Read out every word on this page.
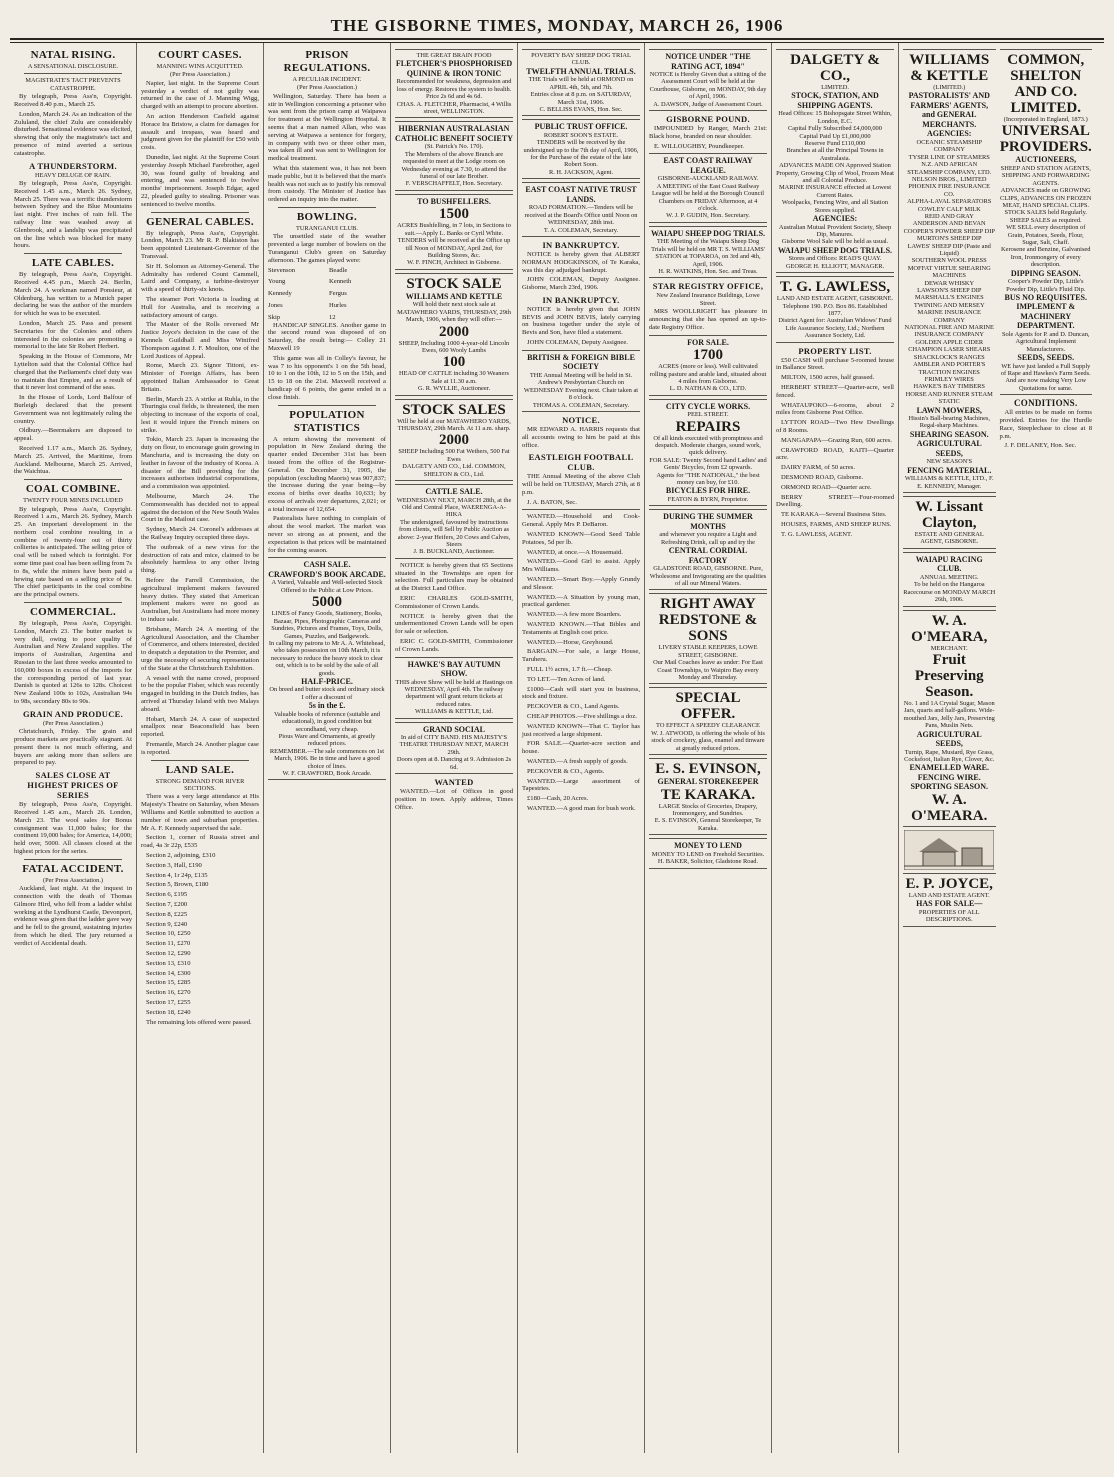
THE GISBORNE TIMES, MONDAY, MARCH 26, 1906
NATAL RISING.
A SENSATIONAL DISCLOSURE.
MAGISTRATE'S TACT PREVENTS CATASTROPHE.

By telegraph, Press Ass'n, Copyright. Received 8.40 p.m., March 25.

London, March 24. As an indication of the Zululand, the chief Zulu are considerably disturbed. Sensational evidence was elicited, showing that only the magistrate's tact and presence of mind averted a serious catastrophe.

A THUNDERSTORM.
HEAVY DELUGE OF RAIN.

By telegraph, Press Ass'n, Copyright. Received 1.45 a.m., March 26. Sydney, March 25. There was a terrific thunderstorm between Sydney and the Blue Mountains last night. Five inches of rain fell. The railway line was washed away at Glenbrook, and a landslip was precipitated on the line which was blocked for many hours.

LATE CABLES.

By telegraph, Press Ass'n, Copyright. Received 4.45 p.m., March 24. Berlin, March 24. A workman named Ponsieur, at Oldenburg, has written to a Munich paper declaring he was the author of the murders for which he was to be executed.

London, March 25. Pass and present Secretaries for the Colonies and others interested in the colonies are promoting a memorial to the late Sir Robert Herbert.

Speaking in the House of Commons, Mr Lyttelton said that the Colonial Office had charged that the Parliament's chief duty was to maintain that Empire, and as a result of that it never lost command of the seas.

In the House of Lords, Lord Balfour of Burleigh declared that the present Government was not legitimately ruling the country.

Oldbury.—Beermakers are disposed to appeal.

Received 1.17 a.m., March 26. Sydney, March 25. Arrived, the Maritime, from Auckland. Melbourne, March 25. Arrived, the Waichtua.

COAL COMBINE.
TWENTY FOUR MINES INCLUDED

By telegraph, Press Ass'n, Copyright. Received 1 a.m., March 26. Sydney, March 25. An important development in the northern coal combine resulting in a combine of twenty-four out of thirty collieries is anticipated. The selling price of coal will be raised which is fortnight. For some time past coal has been selling from 7s to 8s, while the miners have been paid a hewing rate based on a selling price of 9s. The chief participants in the coal combine are the principal owners.

COMMERCIAL.

By telegraph, Press Ass'n, Copyright. London, March 23. The butter market is very dull, owing to poor quality of Australian and New Zealand supplies. The imports of Australian, Argentina and Russian to the last three weeks amounted to 160,000 boxes in excess of the imports for the corresponding period of last year. Danish is quoted at 126s to 128s. Choicest New Zealand 100s to 102s, Australian 94s to 98s, secondary 80s to 90s.

GRAIN AND PRODUCE.
(Per Press Association.)

Christchurch, Friday. The grain and produce markets are practically stagnant. At present there is not much offering, and buyers are asking more than sellers are prepared to pay.

SALES CLOSE AT HIGHEST PRICES OF SERIES

By telegraph, Press Ass'n, Copyright. Received 1.45 a.m., March 26. London, March 23. The wool sales for Bonus consignment was 11,000 bales; for the continent 19,000 bales; for America, 14,000; held over, 5000. All classes closed at the highest prices for the series.

FATAL ACCIDENT.
(Per Press Association.)

Auckland, last night. At the inquest in connection with the death of Thomas Gilmore Hird, who fell from a ladder whilst working at the Lyndhurst Castle, Devonport, evidence was given that the ladder gave way and he fell to the ground, sustaining injuries from which he died. The jury returned a verdict of Accidental death.

COURT CASES.
MANNING WINS ACQUITTED.
(Per Press Association.)

Napier, last night. In the Supreme Court yesterday a verdict of not guilty was returned in the case of J. Manning Wigg, charged with an attempt to procure abortion.

An action Henderson Casfield against Horace Ira Bristow, a claim for damages for assault and trespass, was heard and judgment given for the plaintiff for £50 with costs.

Dunedin, last night. At the Supreme Court yesterday Joseph Michael Farebrother, aged 30, was found guilty of breaking and entering, and was sentenced to twelve months' imprisonment. Joseph Edgar, aged 22, pleaded guilty to stealing. Prisoner was sentenced to twelve months.

GENERAL CABLES.

By telegraph, Press Ass'n, Copyright. London, March 23. Mr R. P. Blakiston has been appointed Lieutenant-Governor of the Transvaal.

Sir H. Solomon as Attorney-General. The Admiralty has ordered Count Cammell, Laird and Company, a turbine-destroyer with a speed of thirty-six knots.

The steamer Port Victoria is loading at Hull for Australia, and is receiving a satisfactory amount of cargo.

The Master of the Rolls reversed Mr Justice Joyce's decision in the case of the Kennels Guildhall and Miss Winifred Thompson against J. F. Moulton, one of the Lord Justices of Appeal.

Rome, March 23. Signor Tittoni, ex-Minister of Foreign Affairs, has been appointed Italian Ambassador to Great Britain.

Berlin, March 23. A strike at Ruhla, in the Thuringia coal fields, is threatened, the men objecting to increase of the exports of coal, lest it would injure the French miners on strike.

Tokio, March 23. Japan is increasing the duty on flour, to encourage grain growing in Manchuria, and is increasing the duty on leather in favour of the industry of Korea. A disaster of the Bill providing for the increases authorises industrial corporations, and a commission was appointed.

Melbourne, March 24. The Commonwealth has decided not to appeal against the decision of the New South Wales Court in the Mailout case.

Sydney, March 24. Coronel's addresses at the Railway Inquiry occupied three days.

The outbreak of a new virus for the destruction of rats and mice, claimed to be absolutely harmless to any other living thing.

Before the Farrell Commission, the agricultural implement makers favoured heavy duties. They stated that American implement makers were no good as Australian, but Australians had more money to induce sale.

Brisbane, March 24. A meeting of the Agricultural Association, and the Chamber of Commerce, and others interested, decided to despatch a deputation to the Premier, and urge the necessity of securing representation of the State at the Christchurch Exhibition.

A vessel with the name crowd, proposed to be the popular Fisher, which was recently engaged in building in the Dutch Indies, has arrived at Thursday Island with two Malays aboard.

Hobart, March 24. A case of suspected smallpox near Beaconsfield has been reported.

Fremantle, March 24. Another plague case is reported.

LAND SALE.
STRONG DEMAND FOR RIVER SECTIONS.

There was a very large attendance at His Majesty's Theatre on Saturday, when Messrs Williams and Kettle submitted to auction a number of town and suburban properties. Mr A. F. Kennedy supervised the sale.

Section 1, corner of Russia street and road, 4a 3r 22p, £535

Section 2, adjoining, £310

Section 3, Hall, £190

Section 4, 1r 24p, £135

Section 5, Brown, £180

Section 6, £195

Section 7, £200

Section 8, £225

Section 9, £240

Section 10, £250

Section 11, £270

Section 12, £290

Section 13, £310

Section 14, £300

Section 15, £285

Section 16, £270

Section 17, £255

Section 18, £240

The remaining lots offered were passed.

PRISON REGULATIONS.
A PECULIAR INCIDENT.
(Per Press Association.)

Wellington, Saturday. There has been a stir in Wellington concerning a prisoner who was sent from the prison camp at Waipawa for treatment at the Wellington Hospital. It seems that a man named Allan, who was serving at Waipawa a sentence for forgery, in company with two or three other men, was taken ill and was sent to Wellington for medical treatment.

What this statement was, it has not been made public, but it is believed that the man's health was not such as to justify his removal from custody. The Minister of Justice has ordered an inquiry into the matter.

BOWLING.
TURANGANUI CLUB.

The unsettled state of the weather prevented a large number of bowlers on the Turanganui Club's green on Saturday afternoon. The games played were:

Stevenson	Beadle
Young	Kenneth
Kennedy	Fergus
Jones	Hurles
Skip	12

HANDICAP SINGLES. Another game in the second round was disposed of on Saturday, the result being:— Colley 21 Maxwell 19

This game was all in Colley's favour, he was 7 to his opponent's 1 on the 5th head, 10 to 1 on the 10th, 12 to 5 on the 15th, and 15 to 18 on the 21st. Maxwell received a handicap of 6 points, the game ended in a close finish.

POPULATION STATISTICS

A return showing the movement of population in New Zealand during the quarter ended December 31st has been issued from the office of the Registrar-General. On December 31, 1905, the population (excluding Maoris) was 907,837; the increase during the year being—by excess of births over deaths 10,633; by excess of arrivals over departures, 2,021; or a total increase of 12,654.

Pastoralists have nothing to complain of about the wool market. The market was never so strong as at present, and the expectation is that prices will be maintained for the coming season.

CASH SALE.
CRAWFORD'S BOOK ARCADE.
A Varied, Valuable and Well-selected Stock Offered to the Public at Low Prices.
5000
LINES of Fancy Goods, Stationery, Books, Bazaar, Pipes, Photographic Cameras and Sundries, Pictures and Frames, Toys, Dolls, Games, Puzzles, and Badgework.
In calling my patrons to Mr A. A. Whitehead, who takes possession on 10th March, it is necessary to reduce the heavy stock to clear out, which is to be sold by the sale of all goods.
HALF-PRICE.
On breed and butter stock and ordinary stock I offer a discount of
5s in the £.
Valuable books of reference (suitable and educational), in good condition but secondhand, very cheap.
Pious Ware and Ornaments, at greatly reduced prices.
REMEMBER.—The sale commences on 1st March, 1906. Be in time and have a good choice of lines.
W. F. CRAWFORD, Book Arcade.
THE GREAT BRAIN FOOD
FLETCHER'S PHOSPHORISED QUININE & IRON TONIC
Recommended for weakness, depression and loss of energy. Restores the system to health. Price 2s 6d and 4s 6d.
CHAS. A. FLETCHER, Pharmacist, 4 Willis street, WELLINGTON.
HIBERNIAN AUSTRALASIAN CATHOLIC BENEFIT SOCIETY
(St. Patrick's No. 170).
The Members of the above Branch are requested to meet at the Lodge room on Wednesday evening at 7.30, to attend the funeral of our late Brother.
F. VERSCHAFFELT, Hon. Secretary.
TO BUSHFELLERS.
1500
ACRES Bushfelling, in 7 lots, in Sections to suit.—Apply L. Banks or Cyril White.
TENDERS will be received at the Office up till Noon of MONDAY, April 2nd, for Building Stores, &c.
W. F. FINCH, Architect in Gisborne.
STOCK SALE
WILLIAMS AND KETTLE
Will hold their next stock sale at MATAWHERO YARDS, THURSDAY, 29th March, 1906, when they will offer:—
2000
SHEEP, Including 1000 4-year-old Lincoln Ewes, 600 Wooly Lambs
100
HEAD OF CATTLE including 30 Weaners
Sale at 11.30 a.m.
G. R. WYLLIE, Auctioneer.
STOCK SALES
Will be held at our MATAWHERO YARDS, THURSDAY, 29th March. At 11 a.m. sharp.
2000
SHEEP Including 500 Fat Wethers, 500 Fat Ewes
DALGETY AND CO., Ltd. COMMON, SHELTON & CO., Ltd.
CATTLE SALE.
WEDNESDAY NEXT, MARCH 28th, at the Old and Central Place, WAERENGA-A-HIKA
The undersigned, favoured by instructions from clients, will Sell by Public Auction as above: 2-year Heifers, 20 Cows and Calves, Steers
J. B. BUCKLAND, Auctioneer.

NOTICE is hereby given that 65 Sections situated in the Townships are open for selection. Full particulars may be obtained at the District Land Office.

ERIC CHARLES GOLD-SMITH, Commissioner of Crown Lands.

NOTICE is hereby given that the undermentioned Crown Lands will be open for sale or selection.

ERIC C. GOLD-SMITH, Commissioner of Crown Lands.

HAWKE'S BAY AUTUMN SHOW.
THIS above Show will be held at Hastings on WEDNESDAY, April 4th. The railway department will grant return tickets at reduced rates.
WILLIAMS & KETTLE, Ltd.
GRAND SOCIAL
In aid of CITY BAND. HIS MAJESTY'S THEATRE THURSDAY NEXT, MARCH 29th.
Doors open at 8. Dancing at 9. Admission 2s 6d.
WANTED

WANTED.—Lot of Offices in good position in town. Apply address, Times Office.

POVERTY BAY SHEEP DOG TRIAL CLUB.
TWELFTH ANNUAL TRIALS.
THE Trials will be held at ORMOND on APRIL 4th, 5th, and 7th.
Entries close at 8 p.m. on SATURDAY, March 31st, 1906.
C. BELLISS EVANS, Hon. Sec.
PUBLIC TRUST OFFICE.
ROBERT SOON'S ESTATE.
TENDERS will be received by the undersigned up to the 7th day of April, 1906, for the Purchase of the estate of the late Robert Soon.
R. H. JACKSON, Agent.
EAST COAST NATIVE TRUST LANDS.
ROAD FORMATION.—Tenders will be received at the Board's Office until Noon on WEDNESDAY, 28th inst.
T. A. COLEMAN, Secretary.
IN BANKRUPTCY.

NOTICE is hereby given that ALBERT NORMAN HODGKINSON, of Te Karaka, was this day adjudged bankrupt.

JOHN COLEMAN, Deputy Assignee. Gisborne, March 23rd, 1906.

IN BANKRUPTCY.

NOTICE is hereby given that JOHN BEVIS and JOHN BEVIS, lately carrying on business together under the style of Bevis and Son, have filed a statement.

JOHN COLEMAN, Deputy Assignee.

BRITISH & FOREIGN BIBLE SOCIETY
THE Annual Meeting will be held in St. Andrew's Presbyterian Church on WEDNESDAY Evening next. Chair taken at 8 o'clock.
THOMAS A. COLEMAN, Secretary.
NOTICE.

MR EDWARD A. HARRIS requests that all accounts owing to him be paid at this office.

EASTLEIGH FOOTBALL CLUB.

THE Annual Meeting of the above Club will be held on TUESDAY, March 27th, at 8 p.m.

J. A. BATON, Sec.

WANTED.—Household and Cook-General. Apply Mrs P. DeBaron.

WANTED KNOWN—Good Seed Table Potatoes, 5d per lb.

WANTED, at once.—A Housemaid.

WANTED.—Good Girl to assist. Apply Mrs Williams.

WANTED.—Smart Boy.—Apply Grundy and Slessor.

WANTED.—A Situation by young man, practical gardener.

WANTED.—A few more Boarders.

WANTED KNOWN.—That Bibles and Testaments at English cost price.

WANTED.—Horse, Greyhound.

BARGAIN.—For sale, a large House, Taruheru.

FULL 1½ acres, 1.7 ft.—Cheap.

TO LET.—Ten Acres of land.

£1000—Cash will start you in business, stock and fixture.

PECKOVER & CO., Land Agents.

CHEAP PHOTOS.—Five shillings a doz.

WANTED KNOWN—That C. Taylor has just received a large shipment.

FOR SALE.—Quarter-acre section and house.

WANTED.—A fresh supply of goods.

PECKOVER & CO., Agents.

WANTED.—Large assortment of Tapestries.

£180—Cash, 20 Acres.

WANTED.—A good man for bush work.

NOTICE UNDER "THE RATING ACT, 1894"
NOTICE is Hereby Given that a sitting of the Assessment Court will be held at the Courthouse, Gisborne, on MONDAY, 9th day of April, 1906.
A. DAWSON, Judge of Assessment Court.
GISBORNE POUND.

IMPOUNDED by Ranger, March 21st: Black horse, branded on near shoulder.

E. WILLOUGHBY, Poundkeeper.

EAST COAST RAILWAY LEAGUE.
GISBORNE-AUCKLAND RAILWAY.
A MEETING of the East Coast Railway League will be held at the Borough Council Chambers on FRIDAY Afternoon, at 4 o'clock.
W. J. P. GUDIN, Hon. Secretary.
WAIAPU SHEEP DOG TRIALS.
THE Meeting of the Waiapu Sheep Dog Trials will be held on MR T. S. WILLIAMS' STATION at TOPAROA, on 3rd and 4th, April, 1906.
H. R. WATKINS, Hon. Sec. and Treas.
STAR REGISTRY OFFICE,
New Zealand Insurance Buildings, Lowe Street.

MRS WOOLLRIGHT has pleasure in announcing that she has opened an up-to-date Registry Office.

FOR SALE.
1700
ACRES (more or less). Well cultivated rolling pasture and arable land, situated about 4 miles from Gisborne.
L. D. NATHAN & CO., LTD.
CITY CYCLE WORKS.
PEEL STREET.
REPAIRS
Of all kinds executed with promptness and despatch. Moderate charges, sound work, quick delivery.
FOR SALE: Twenty Second hand Ladies' and Gents' Bicycles, from £2 upwards.
Agents for "THE NATIONAL," the best money can buy, for £10.
BICYCLES FOR HIRE.
FEATON & BYRN, Proprietor.
DURING THE SUMMER MONTHS
and whenever you require a Light and Refreshing Drink, call up and try the
CENTRAL CORDIAL FACTORY
GLADSTONE ROAD, GISBORNE. Pure, Wholesome and Invigorating are the qualities of all our Mineral Waters.
RIGHT AWAY
REDSTONE & SONS
LIVERY STABLE KEEPERS, LOWE STREET, GISBORNE.
Our Mail Coaches leave as under: For East Coast Townships, to Waipiro Bay every Monday and Thursday.
SPECIAL OFFER.
TO EFFECT A SPEEDY CLEARANCE
W. J. ATWOOD, is offering the whole of his stock of crockery, glass, enamel and tinware at greatly reduced prices.
E. S. EVINSON,
GENERAL STOREKEEPER
TE KARAKA.
LARGE Stocks of Groceries, Drapery, Ironmongery, and Sundries.
E. S. EVINSON, General Storekeeper, Te Karaka.
MONEY TO LEND
MONEY TO LEND on Freehold Securities.
H. BAKER, Solicitor, Gladstone Road.
DALGETY & CO.,
LIMITED.
STOCK, STATION, AND SHIPPING AGENTS.
Head Offices: 15 Bishopsgate Street Within, London, E.C.
Capital Fully Subscribed £4,000,000
Capital Paid Up £1,000,000
Reserve Fund £110,000
Branches at all the Principal Towns in Australasia.
ADVANCES MADE ON Approved Station Property, Growing Clip of Wool, Frozen Meat and all Colonial Produce.
MARINE INSURANCE effected at Lowest Current Rates.
Woolpacks, Fencing Wire, and all Station Stores supplied.
AGENCIES:
Australian Mutual Provident Society, Sheep Dip, Manures.
Gisborne Wool Sale will be held as usual.
WAIAPU SHEEP DOG TRIALS.
Stores and Offices: READ'S QUAY.
GEORGE H. ELLIOTT, MANAGER.
T. G. LAWLESS,
LAND AND ESTATE AGENT, GISBORNE.
Telephone 190. P.O. Box 86. Established 1877.
District Agent for: Australian Widows' Fund Life Assurance Society, Ltd.; Northern Assurance Society, Ltd.
PROPERTY LIST.

£50 CASH will purchase 5-roomed house in Ballance Street.

MILTON, 1500 acres, half grassed.

HERBERT STREET—Quarter-acre, well fenced.

WHATAUPOKO—6-rooms, about 2 miles from Gisborne Post Office.

LYTTON ROAD—Two Hew Dwellings of 8 Rooms.

MANGAPAPA—Grazing Run, 600 acres.

CRAWFORD ROAD, KAITI—Quarter acre.

DAIRY FARM, of 50 acres.

DESMOND ROAD, Gisborne.

ORMOND ROAD—Quarter acre.

BERRY STREET—Four-roomed Dwelling.

TE KARAKA—Several Business Sites.

HOUSES, FARMS, AND SHEEP RUNS.

T. G. LAWLESS, AGENT.

WILLIAMS & KETTLE
(LIMITED.)
PASTORALISTS' AND FARMERS' AGENTS, and GENERAL MERCHANTS.
AGENCIES:
OCEANIC STEAMSHIP COMPANY
TYSER LINE OF STEAMERS
N.Z. AND AFRICAN STEAMSHIP COMPANY, LTD.
NELSON BROS., LIMITED
PHOENIX FIRE INSURANCE CO.
ALPHA-LAVAL SEPARATORS
COWLEY CALF MILK
REID AND GRAY
ANDERSON AND BEVAN
COOPER'S POWDER SHEEP DIP
MURTON'S SHEEP DIP
LAWES' SHEEP DIP (Paste and Liquid)
SOUTHERN WOOL PRESS
MOFFAT VIRTUE SHEARING MACHINES
DEWAR WHISKY
LAWSON'S SHEEP DIP
MARSHALL'S ENGINES
TWINING AND MERSEY MARINE INSURANCE COMPANY
NATIONAL FIRE AND MARINE INSURANCE COMPANY
GOLDEN APPLE CIDER
CHAMPION LASER SHEARS
SHACKLOCK'S RANGES
AMBLER AND PORTER'S TRACTION ENGINES
FRIMLEY WIRES
HAWKE'S BAY TIMBERS
HORSE AND RUNNER STEAM STATIC
LAWN MOWERS,
Hissin's Ball-bearing Machines, Regal-sharp Machines.
SHEARING SEASON.
AGRICULTURAL SEEDS,
NEW SEASON'S
FENCING MATERIAL.
WILLIAMS & KETTLE, LTD., F. E. KENNEDY, Manager.
W. Lissant Clayton,
ESTATE AND GENERAL AGENT, GISBORNE.
WAIAPU RACING CLUB.
ANNUAL MEETING.
To be held on the Hangaroa Racecourse on MONDAY MARCH 26th, 1906.
W. A. O'MEARA,
MERCHANT.
Fruit Preserving Season.
No. 1 and 1A Crystal Sugar, Mason Jars, quarts and half-gallons. Wide-mouthed Jars, Jelly Jars, Preserving Pans, Muslin Nets.
AGRICULTURAL SEEDS,
Turnip, Rape, Mustard, Rye Grass, Cocksfoot, Italian Rye, Clover, &c.
ENAMELLED WARE.
FENCING WIRE.
SPORTING SEASON.
W. A. O'MEARA.
E. P. JOYCE,
LAND AND ESTATE AGENT.
HAS FOR SALE—
PROPERTIES OF ALL DESCRIPTIONS.
COMMON, SHELTON AND CO. LIMITED.
(Incorporated in England, 1873.)
UNIVERSAL PROVIDERS.
AUCTIONEERS,
SHEEP AND STATION AGENTS, SHIPPING AND FORWARDING AGENTS.
ADVANCES made on GROWING CLIPS, ADVANCES ON FROZEN MEAT, HAND SPECIAL CLIPS.
STOCK SALES held Regularly. SHEEP SALES as required.
WE SELL every description of Grain, Potatoes, Seeds, Flour, Sugar, Salt, Chaff.
Kerosene and Benzine, Galvanised Iron, Ironmongery of every description.
DIPPING SEASON.
Cooper's Powder Dip, Little's Powder Dip, Little's Fluid Dip.
BUS NO REQUISITES.
IMPLEMENT & MACHINERY DEPARTMENT.
Sole Agents for P. and D. Duncan, Agricultural Implement Manufacturers.
SEEDS, SEEDS.
WE have just landed a Full Supply of Rape and Hawkes's Farm Seeds.
And are now making Very Low Quotations for same.
CONDITIONS.

All entries to be made on forms provided. Entries for the Hurdle Race, Steeplechase to close at 8 p.m.

J. F. DELANEY, Hon. Sec.
